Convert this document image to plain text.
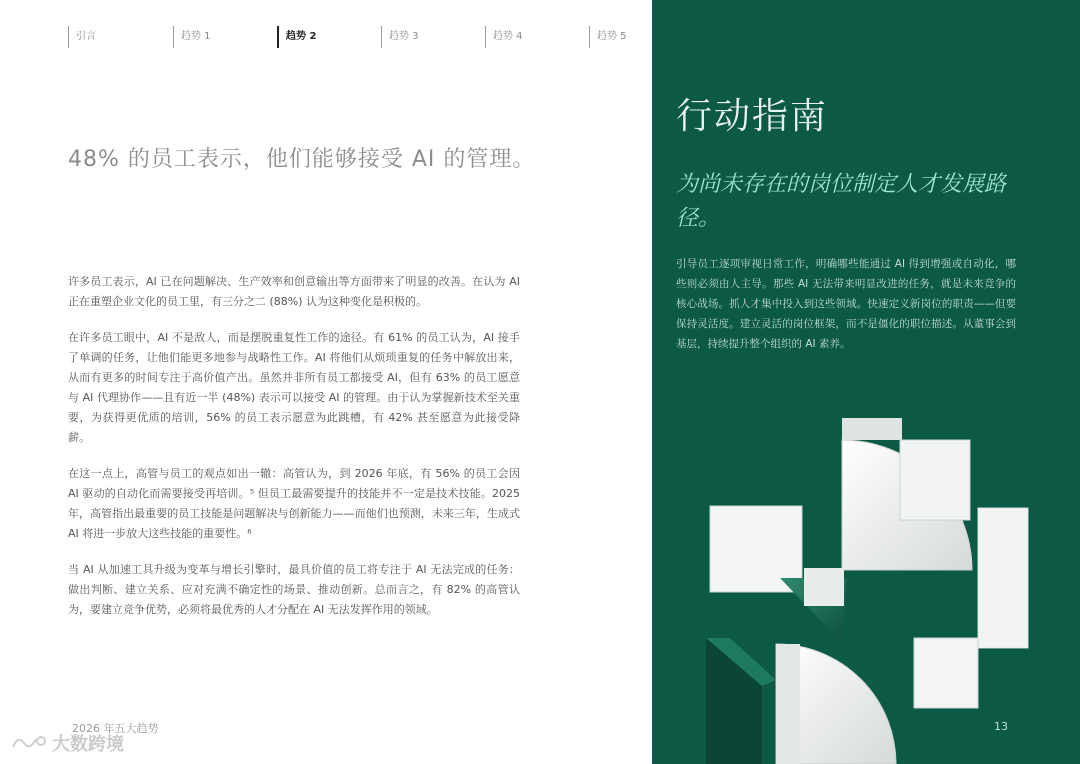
引言	趋势 1	趋势 2	趋势 3	趋势 4	趋势 5
48% 的员工表示，他们能够接受 AI 的管理。

许多员工表示，AI 已在问题解决、生产效率和创意输出等方面带来了明显的改善。在认为 AI 正在重塑企业文化的员工里，有三分之二 (88%) 认为这种变化是积极的。

在许多员工眼中，AI 不是敌人，而是摆脱重复性工作的途径。有 61% 的员工认为，AI 接手了单调的任务，让他们能更多地参与战略性工作。AI 将他们从烦琐重复的任务中解放出来，从而有更多的时间专注于高价值产出。虽然并非所有员工都接受 AI，但有 63% 的员工愿意与 AI 代理协作——且有近一半 (48%) 表示可以接受 AI 的管理。由于认为掌握新技术至关重要，为获得更优质的培训，56% 的员工表示愿意为此跳槽，有 42% 甚至愿意为此接受降薪。

在这一点上，高管与员工的观点如出一辙：高管认为，到 2026 年底，有 56% 的员工会因 AI 驱动的自动化而需要接受再培训。⁵ 但员工最需要提升的技能并不一定是技术技能。2025 年，高管指出最重要的员工技能是问题解决与创新能力——而他们也预测，未来三年，生成式 AI 将进一步放大这些技能的重要性。⁶

当 AI 从加速工具升级为变革与增长引擎时，最具价值的员工将专注于 AI 无法完成的任务：做出判断、建立关系、应对充满不确定性的场景、推动创新。总而言之，有 82% 的高管认为，要建立竞争优势，必须将最优秀的人才分配在 AI 无法发挥作用的领域。

2026 年五大趋势
大数跨境
行动指南
为尚未存在的岗位制定人才发展路径。
引导员工逐项审视日常工作，明确哪些能通过 AI 得到增强或自动化，哪些则必须由人主导。那些 AI 无法带来明显改进的任务，就是未来竞争的核心战场。抓人才集中投入到这些领域。快速定义新岗位的职责——但要保持灵活度。建立灵活的岗位框架，而不是僵化的职位描述。从董事会到基层，持续提升整个组织的 AI 素养。
13
